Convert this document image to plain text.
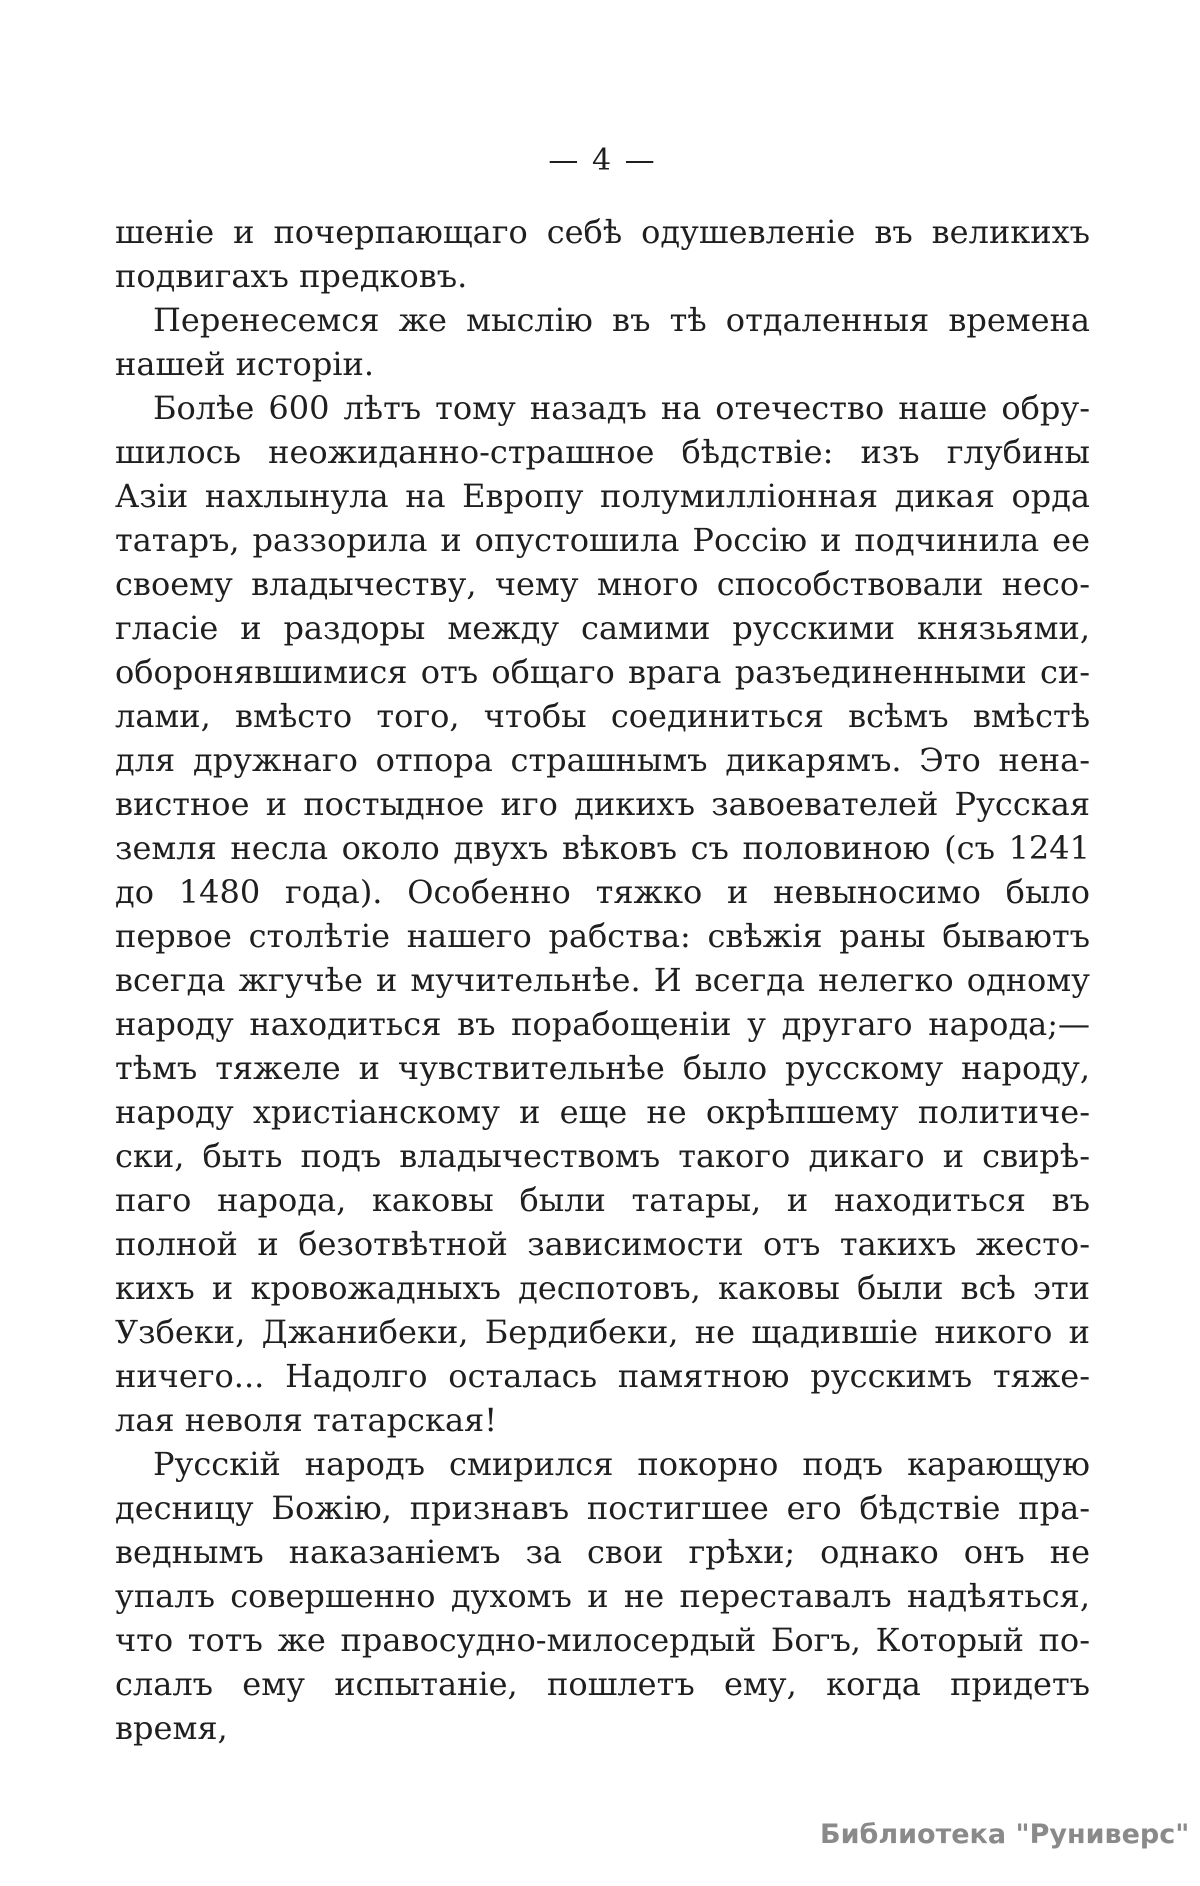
— 4 —
шеніе и почерпающаго себѣ одушевленіе въ великихъ
подвигахъ предковъ.
Перенесемся же мыслію въ тѣ отдаленныя времена
нашей исторіи.
Болѣе 600 лѣтъ тому назадъ на отечество наше обру-
шилось неожиданно-страшное бѣдствіе: изъ глубины
Азіи нахлынула на Европу полумилліонная дикая орда
татаръ, раззорила и опустошила Россію и подчинила ее
своему владычеству, чему много способствовали несо-
гласіе и раздоры между самими русскими князьями,
оборонявшимися отъ общаго врага разъединенными си-
лами, вмѣсто того, чтобы соединиться всѣмъ вмѣстѣ
для дружнаго отпора страшнымъ дикарямъ. Это нена-
вистное и постыдное иго дикихъ завоевателей Русская
земля несла около двухъ вѣковъ съ половиною (съ 1241
до 1480 года). Особенно тяжко и невыносимо было
первое столѣтіе нашего рабства: свѣжія раны бываютъ
всегда жгучѣе и мучительнѣе. И всегда нелегко одному
народу находиться въ порабощеніи у другаго народа;—
тѣмъ тяжеле и чувствительнѣе было русскому народу,
народу христіанскому и еще не окрѣпшему политиче-
ски, быть подъ владычествомъ такого дикаго и свирѣ-
паго народа, каковы были татары, и находиться въ
полной и безотвѣтной зависимости отъ такихъ жесто-
кихъ и кровожадныхъ деспотовъ, каковы были всѣ эти
Узбеки, Джанибеки, Бердибеки, не щадившіе никого и
ничего... Надолго осталась памятною русскимъ тяже-
лая неволя татарская!
Русскій народъ смирился покорно подъ карающую
десницу Божію, признавъ постигшее его бѣдствіе пра-
веднымъ наказаніемъ за свои грѣхи; однако онъ не
упалъ совершенно духомъ и не переставалъ надѣяться,
что тотъ же правосудно-милосердый Богъ, Который по-
слалъ ему испытаніе, пошлетъ ему, когда придетъ время,
Библиотека "Руниверс"
